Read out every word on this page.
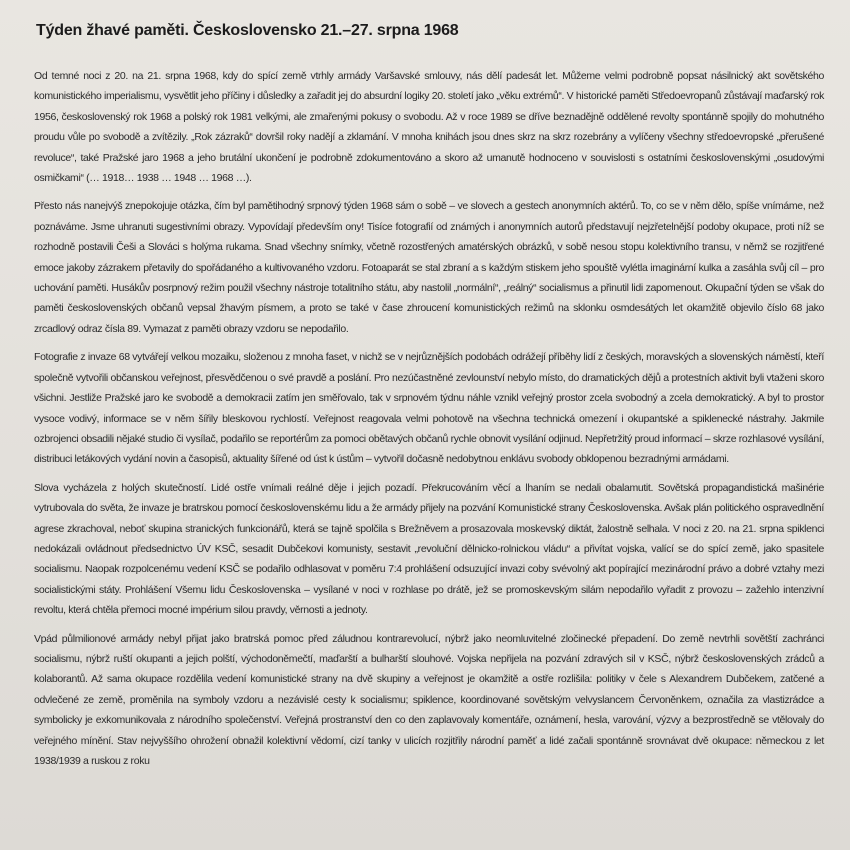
Týden žhavé paměti. Československo 21.–27. srpna 1968

Od temné noci z 20. na 21. srpna 1968, kdy do spící země vtrhly armády Varšavské smlouvy, nás dělí padesát let. Můžeme velmi podrobně popsat násilnický akt sovětského komunistického imperialismu, vysvětlit jeho příčiny i důsledky a zařadit jej do absurdní logiky 20. století jako „věku extrémů“. V historické paměti Středoevropanů zůstávají maďarský rok 1956, československý rok 1968 a polský rok 1981 velkými, ale zmařenými pokusy o svobodu. Až v roce 1989 se dříve beznadějně oddělené revolty spontánně spojily do mohutného proudu vůle po svobodě a zvítězily. „Rok zázraků“ dovršil roky nadějí a zklamání. V mnoha knihách jsou dnes skrz na skrz rozebrány a vylíčeny všechny středoevropské „přerušené revoluce“, také Pražské jaro 1968 a jeho brutální ukončení je podrobně zdokumentováno a skoro až umanutě hodnoceno v souvislosti s ostatními československými „osudovými osmičkami“ (… 1918… 1938 … 1948 … 1968 …).

Přesto nás nanejvýš znepokojuje otázka, čím byl pamětihodný srpnový týden 1968 sám o sobě – ve slovech a gestech anonymních aktérů. To, co se v něm dělo, spíše vnímáme, než poznáváme. Jsme uhranuti sugestivními obrazy. Vypovídají především ony! Tisíce fotografií od známých i anonymních autorů představují nejzřetelnější podoby okupace, proti níž se rozhodně postavili Češi a Slováci s holýma rukama. Snad všechny snímky, včetně rozostřených amatérských obrázků, v sobě nesou stopu kolektivního transu, v němž se rozjitřené emoce jakoby zázrakem přetavily do spořádaného a kultivovaného vzdoru. Fotoaparát se stal zbraní a s každým stiskem jeho spouště vylétla imaginární kulka a zasáhla svůj cíl – pro uchování paměti. Husákův posrpnový režim použil všechny nástroje totalitního státu, aby nastolil „normální“, „reálný“ socialismus a přinutil lidi zapomenout. Okupační týden se však do paměti československých občanů vepsal žhavým písmem, a proto se také v čase zhroucení komunistických režimů na sklonku osmdesátých let okamžitě objevilo číslo 68 jako zrcadlový odraz čísla 89. Vymazat z paměti obrazy vzdoru se nepodařilo.

Fotografie z invaze 68 vytvářejí velkou mozaiku, složenou z mnoha faset, v nichž se v nejrůznějších podobách odrážejí příběhy lidí z českých, moravských a slovenských náměstí, kteří společně vytvořili občanskou veřejnost, přesvědčenou o své pravdě a poslání. Pro nezúčastněné zevlounství nebylo místo, do dramatických dějů a protestních aktivit byli vtaženi skoro všichni. Jestliže Pražské jaro ke svobodě a demokracii zatím jen směřovalo, tak v srpnovém týdnu náhle vznikl veřejný prostor zcela svobodný a zcela demokratický. A byl to prostor vysoce vodivý, informace se v něm šířily bleskovou rychlostí. Veřejnost reagovala velmi pohotově na všechna technická omezení i okupantské a spiklenecké nástrahy. Jakmile ozbrojenci obsadili nějaké studio či vysílač, podařilo se reportérům za pomoci obětavých občanů rychle obnovit vysílání odjinud. Nepřetržitý proud informací – skrze rozhlasové vysílání, distribuci letákových vydání novin a časopisů, aktuality šířené od úst k ústům – vytvořil dočasně nedobytnou enklávu svobody obklopenou bezradnými armádami.

Slova vycházela z holých skutečností. Lidé ostře vnímali reálné děje i jejich pozadí. Překrucováním věcí a lhaním se nedali obalamutit. Sovětská propagandistická mašinérie vytrubovala do světa, že invaze je bratrskou pomocí československému lidu a že armády přijely na pozvání Komunistické strany Československa. Avšak plán politického ospravedlnění agrese zkrachoval, neboť skupina stranických funkcionářů, která se tajně spolčila s Brežněvem a prosazovala moskevský diktát, žalostně selhala. V noci z 20. na 21. srpna spiklenci nedokázali ovládnout předsednictvo ÚV KSČ, sesadit Dubčekovi komunisty, sestavit „revoluční dělnicko-rolnickou vládu“ a přivítat vojska, valící se do spící země, jako spasitele socialismu. Naopak rozpolcenému vedení KSČ se podařilo odhlasovat v poměru 7:4 prohlášení odsuzující invazi coby svévolný akt popírající mezinárodní právo a dobré vztahy mezi socialistickými státy. Prohlášení Všemu lidu Československa – vysílané v noci v rozhlase po drátě, jež se promoskevským silám nepodařilo vyřadit z provozu – zažehlo intenzivní revoltu, která chtěla přemoci mocné impérium silou pravdy, věrnosti a jednoty.

Vpád půlmilionové armády nebyl přijat jako bratrská pomoc před záludnou kontrarevolucí, nýbrž jako neomluvitelné zločinecké přepadení. Do země nevtrhli sovětští zachránci socialismu, nýbrž ruští okupanti a jejich polští, východoněmečtí, maďarští a bulharští slouhové. Vojska nepřijela na pozvání zdravých sil v KSČ, nýbrž československých zrádců a kolaborantů. Až sama okupace rozdělila vedení komunistické strany na dvě skupiny a veřejnost je okamžitě a ostře rozlišila: politiky v čele s Alexandrem Dubčekem, zatčené a odvlečené ze země, proměnila na symboly vzdoru a nezávislé cesty k socialismu; spiklence, koordinované sovětským velvyslancem Červoněnkem, označila za vlastizrádce a symbolicky je exkomunikovala z národního společenství. Veřejná prostranství den co den zaplavovaly komentáře, oznámení, hesla, varování, výzvy a bezprostředně se vtělovaly do veřejného mínění. Stav nejvyššího ohrožení obnažil kolektivní vědomí, cizí tanky v ulicích rozjitřily národní paměť a lidé začali spontánně srovnávat dvě okupace: německou z let 1938/1939 a ruskou z roku
